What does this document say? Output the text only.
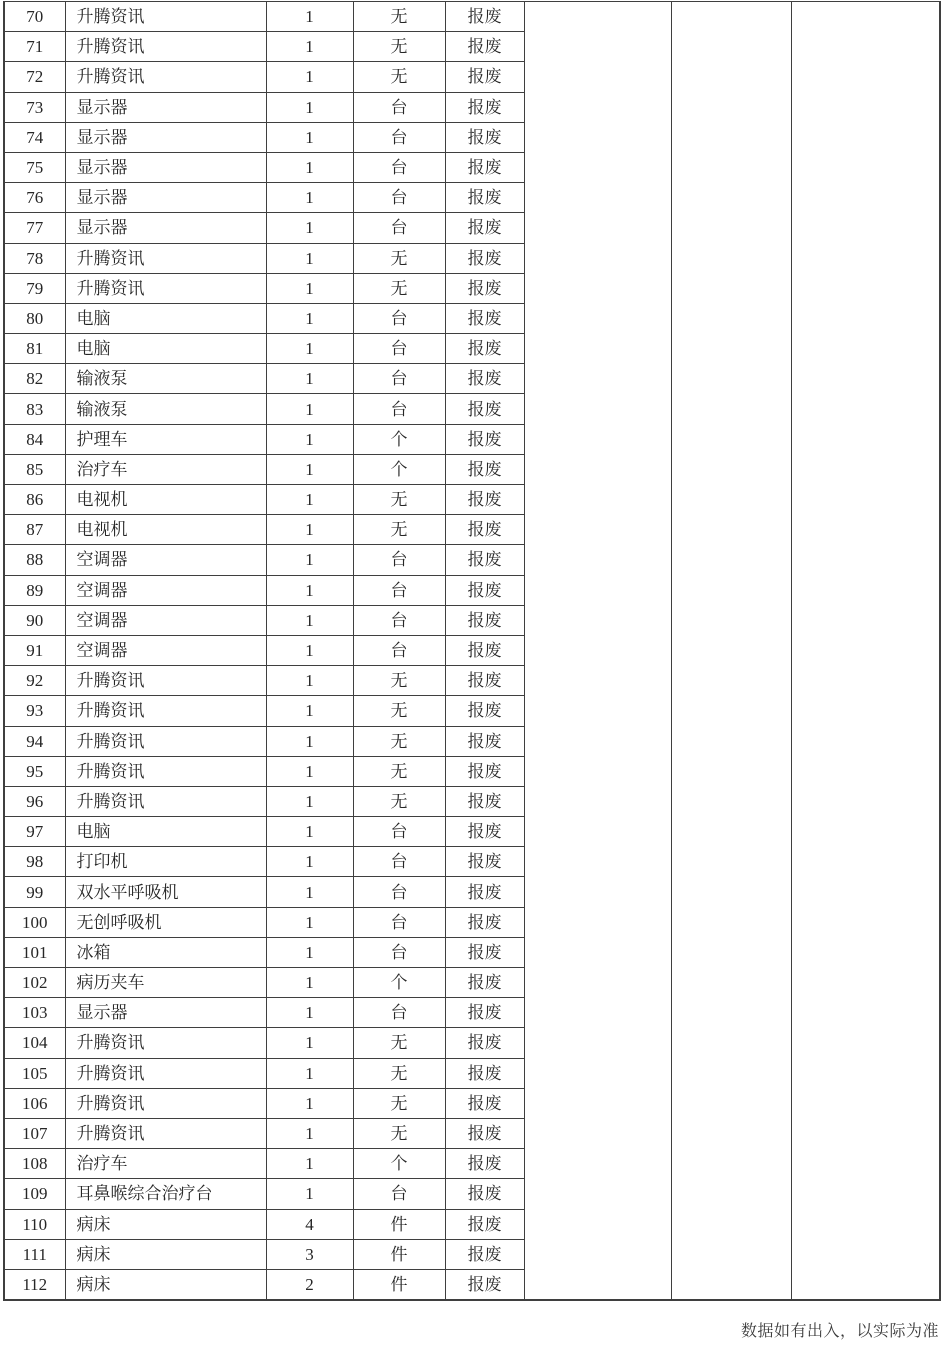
70	升腾资讯	1	无	报废			
71	升腾资讯	1	无	报废			
72	升腾资讯	1	无	报废			
73	显示器	1	台	报废			
74	显示器	1	台	报废			
75	显示器	1	台	报废			
76	显示器	1	台	报废			
77	显示器	1	台	报废			
78	升腾资讯	1	无	报废			
79	升腾资讯	1	无	报废			
80	电脑	1	台	报废			
81	电脑	1	台	报废			
82	输液泵	1	台	报废			
83	输液泵	1	台	报废			
84	护理车	1	个	报废			
85	治疗车	1	个	报废			
86	电视机	1	无	报废			
87	电视机	1	无	报废			
88	空调器	1	台	报废			
89	空调器	1	台	报废			
90	空调器	1	台	报废			
91	空调器	1	台	报废			
92	升腾资讯	1	无	报废			
93	升腾资讯	1	无	报废			
94	升腾资讯	1	无	报废			
95	升腾资讯	1	无	报废			
96	升腾资讯	1	无	报废			
97	电脑	1	台	报废			
98	打印机	1	台	报废			
99	双水平呼吸机	1	台	报废			
100	无创呼吸机	1	台	报废			
101	冰箱	1	台	报废			
102	病历夹车	1	个	报废			
103	显示器	1	台	报废			
104	升腾资讯	1	无	报废			
105	升腾资讯	1	无	报废			
106	升腾资讯	1	无	报废			
107	升腾资讯	1	无	报废			
108	治疗车	1	个	报废			
109	耳鼻喉综合治疗台	1	台	报废			
110	病床	4	件	报废			
111	病床	3	件	报废			
112	病床	2	件	报废			
数据如有出入，以实际为准
